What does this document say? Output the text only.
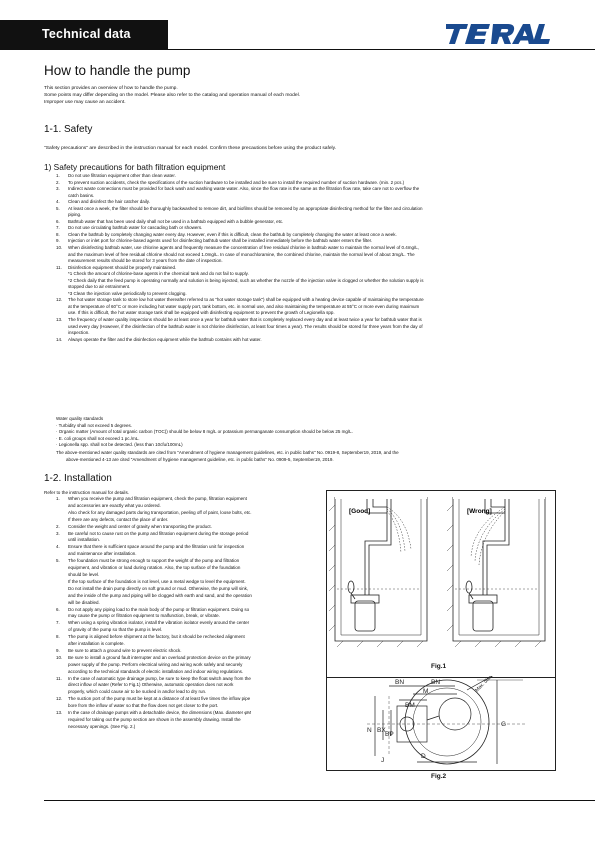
Technical data
How to handle the pump
This section provides an overview of how to handle the pump.
Some points may differ depending on the model. Please also refer to the catalog and operation manual of each model.
Improper use may cause an accident.
1-1. Safety
"Safety precautions" are described in the instruction manual for each model. Confirm these precautions before using the product safely.
1) Safety precautions for bath filtration equipment
1. Do not use filtration equipment other than clean water.
2. To prevent suction accidents, check the specifications of the suction hardware to be installed and be sure to install the required number of suction hardware. (min. 2 pcs.)
3. Indirect waste connections must be provided for back wash and washing waste water. Also, since the flow rate is the same as the filtration flow rate, take care not to overflow the
catch basins.
4. Clean and disinfect the hair catcher daily.
5. At least once a week, the filter should be thoroughly backwashed to remove dirt, and biofilms should be removed by an appropriate disinfecting method for the filter and circulation
piping.
6. Bathtub water that has been used daily shall not be used in a bathtub equipped with a bubble generator, etc.
7. Do not use circulating bathtub water for cascading bath or showers.
8. Clean the bathtub by completely changing water every day. However, even if this is difficult, clean the bathtub by completely changing the water at least once a week.
9. Injection or inlet port for chlorine-based agents used for disinfecting bathtub water shall be installed immediately before the bathtub water enters the filter.
10. When disinfecting bathtub water, use chlorine agents and frequently measure the concentration of free residual chlorine in bathtub water to maintain the normal level of 0.4mg/L,
and the maximum level of free residual chlorine should not exceed 1.0mg/L. In case of monochloramine, the combined chlorine, maintain the normal level of about 3mg/L. The
measurement results should be stored for 3 years from the date of inspection.
11. Disinfection equipment should be properly maintained.
*1 Check the amount of chlorine-base agents in the chemical tank and do not fail to supply.
*2 Check daily that the feed pump is operating normally and solution is being injected, such as whether the nozzle of the injection valve is clogged or whether the solution supply is
stopped due to air entrainment.
*3 Clean the injection valve periodically to prevent clogging.
12. The hot water storage tank to store low hot water thereafter referred to as "hot water storage tank") shall be equipped with a heating device capable of maintaining the temperature
at the temperature of 60°C or more including hot water supply port, tank bottom, etc. in normal use, and also maintaining the temperature at 55°C or more even during maximum
use. If this is difficult, the hot water storage tank shall be equipped with disinfecting equipment to prevent the growth of Legionella spp.
13. The frequency of water quality inspections should be at least once a year for bathtub water that is completely replaced every day and at least twice a year for bathtub water that is
used every day (However, if the disinfection of the bathtub water is not chlorine disinfection, at least four times a year). The results should be stored for three years from the day of
inspection.
14. Always operate the filter and the disinfection equipment while the bathtub contains with hot water.
Water quality standards
· Turbidity shall not exceed 5 degrees.
· Organic matter (Amount of total organic carbon (TOC)) should be below 8 mg/L or potassium permanganate consumption should be below 25 mg/L.
· E. coli groups shall not exceed 1 pc./mL.
· Legionella spp. shall not be detected. (less than 10cfu/100mL)
The above-mentioned water quality standards are cited from "Amendment of hygiene management guidelines, etc. in public baths" No. 0919-8, September19, 2019, and the
above-mentioned 4-13 are cited "Amendment of hygiene management guideline, etc. in public baths" No. 0909-5, September19, 2019.
1-2. Installation
Refer to the instruction manual for details.
1. When you receive the pump and filtration equipment, check the pump, filtration equipment
and accessories are exactly what you ordered.
Also check for any damaged parts during transportation, peeling off of paint, loose bolts, etc.
If there are any defects, contact the place of order.
2. Consider the weight and center of gravity when transporting the product.
3. Be careful not to cause rust on the pump and filtration equipment during the storage period
until installation.
4. Ensure that there is sufficient space around the pump and the filtration unit for inspection
and maintenance after installation.
5. The foundation must be strong enough to support the weight of the pump and filtration
equipment, and vibration or load during rotation. Also, the top surface of the foundation
should be level.
If the top surface of the foundation is not level, use a metal wedge to level the equipment.
Do not install the drain pump directly on soft ground or mud. Otherwise, the pump will sink,
and the inside of the pump and piping will be clogged with earth and sand, and the operation
will be disabled.
6. Do not apply any piping load to the main body of the pump or filtration equipment. Doing so
may cause the pump or filtration equipment to malfunction, break, or vibrate.
7. When using a spring vibration isolator, install the vibration isolator evenly around the center
of gravity of the pump so that the pump is level.
8. The pump is aligned before shipment at the factory, but it should be rechecked alignment
after installation is complete.
9. Be sure to attach a ground wire to prevent electric shock.
10. Be sure to install a ground fault interrupter and an overload protection device on the primary
power supply of the pump. Perform electrical wiring and wiring work safely and securely
according to the technical standards of electric installation and indoor wiring regulations.
11. In the case of automatic type drainage pump, be sure to keep the float switch away from the
direct inflow of water (Refer to Fig.1) Otherwise, automatic operation does not work
properly, which could cause air to be sucked in and/or lead to dry run.
12. The suction port of the pump must be kept at a distance of at least five times the inflow pipe
bore from the inflow of water so that the flow does not get closer to the port.
13. In the case of drainage pumps with a detachable device, the dimensions (Max. diameter φM
required for taking out the pump section are shown in the assembly drawing. Install the
necessary openings. (See Fig. 2.)
[Good]	[Wrong]
Fig.1
BN	BN
M
BM
N BX
BP
D
J
G
Max. diameter φM
Fig.2
